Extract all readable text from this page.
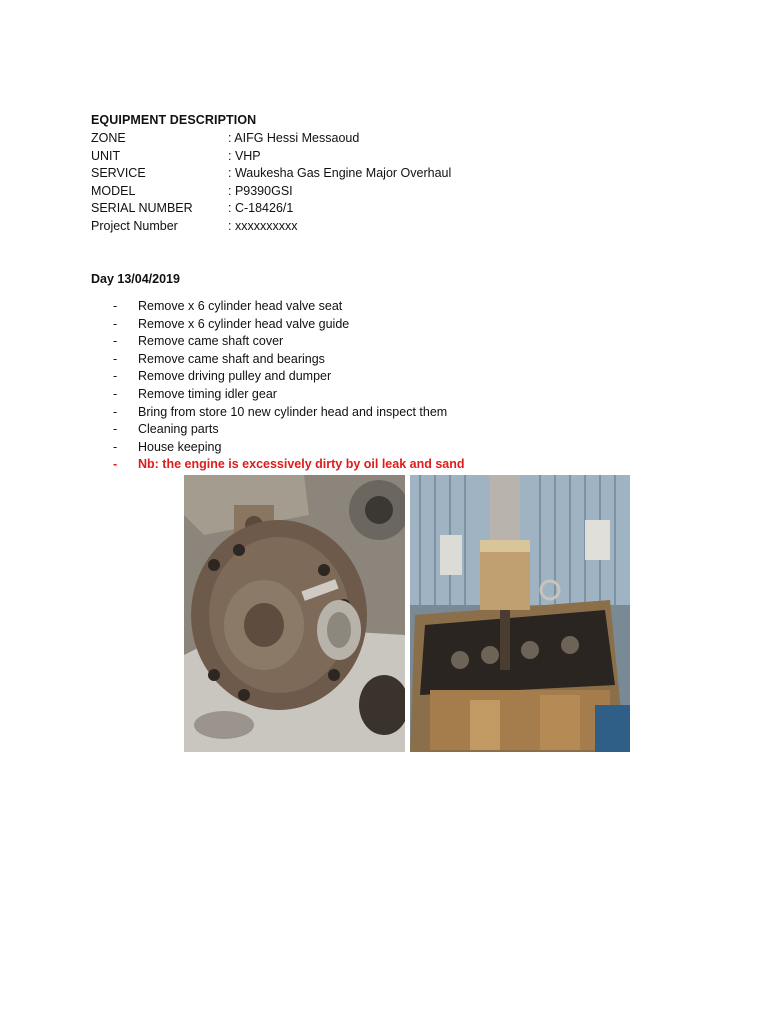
EQUIPMENT DESCRIPTION
ZONE	: AIFG Hessi Messaoud
UNIT	: VHP
SERVICE	: Waukesha Gas Engine Major Overhaul
MODEL	: P9390GSI
SERIAL NUMBER	: C-18426/1
Project Number	: xxxxxxxxxx
Day 13/04/2019
-	Remove x 6 cylinder head valve seat
-	Remove x 6 cylinder head valve guide
-	Remove came shaft cover
-	Remove came shaft and bearings
-	Remove driving pulley and dumper
-	Remove timing idler gear
-	Bring from store 10 new cylinder head and inspect them
-	Cleaning parts
-	House keeping
-	Nb: the engine is excessively dirty by oil leak and sand
